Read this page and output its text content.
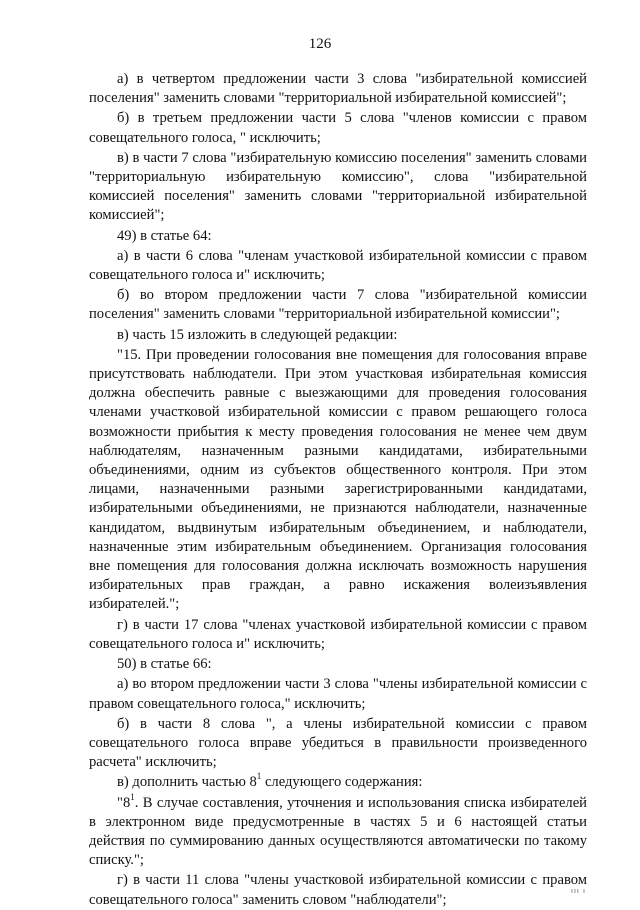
126

а) в четвертом предложении части 3 слова "избирательной комиссией поселения" заменить словами "территориальной избирательной комиссией";

б) в третьем предложении части 5 слова "членов комиссии с правом совещательного голоса, " исключить;

в) в части 7 слова "избирательную комиссию поселения" заменить словами "территориальную избирательную комиссию", слова "избирательной комиссией поселения" заменить словами "территориальной избирательной комиссией";

49) в статье 64:

а) в части 6 слова "членам участковой избирательной комиссии с правом совещательного голоса и" исключить;

б) во втором предложении части 7 слова "избирательной комиссии поселения" заменить словами "территориальной избирательной комиссии";

в) часть 15 изложить в следующей редакции:

"15. При проведении голосования вне помещения для голосования вправе присутствовать наблюдатели. При этом участковая избирательная комиссия должна обеспечить равные с выезжающими для проведения голосования членами участковой избирательной комиссии с правом решающего голоса возможности прибытия к месту проведения голосования не менее чем двум наблюдателям, назначенным разными кандидатами, избирательными объединениями, одним из субъектов общественного контроля. При этом лицами, назначенными разными зарегистрированными кандидатами, избирательными объединениями, не признаются наблюдатели, назначенные кандидатом, выдвинутым избирательным объединением, и наблюдатели, назначенные этим избирательным объединением. Организация голосования вне помещения для голосования должна исключать возможность нарушения избирательных прав граждан, а равно искажения волеизъявления избирателей.";

г) в части 17 слова "членах участковой избирательной комиссии с правом совещательного голоса и" исключить;

50) в статье 66:

а) во втором предложении части 3 слова "члены избирательной комиссии с правом совещательного голоса," исключить;

б) в части 8 слова ", а члены избирательной комиссии с правом совещательного голоса вправе убедиться в правильности произведенного расчета" исключить;

в) дополнить частью $8^1$ следующего содержания:

"$8^1$. В случае составления, уточнения и использования списка избирателей в электронном виде предусмотренные в частях 5 и 6 настоящей статьи действия по суммированию данных осуществляются автоматически по такому списку.";

г) в части 11 слова "члены участковой избирательной комиссии с правом совещательного голоса" заменить словом "наблюдатели";

ııı ı
